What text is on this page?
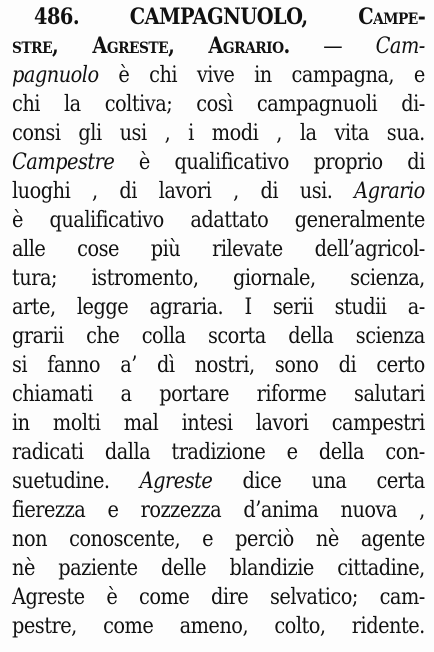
486. CAMPAGNUOLO, Campe-
stre, Agreste, Agrario. — Cam-
pagnuolo è chi vive in campagna, e
chi la coltiva; così campagnuoli di-
consi gli usi , i modi , la vita sua.
Campestre è qualificativo proprio di
luoghi , di lavori , di usi. Agrario
è qualificativo adattato generalmente
alle cose più rilevate dell’agricol-
tura; istromento, giornale, scienza,
arte, legge agraria. I serii studii a-
grarii che colla scorta della scienza
si fanno a’ dì nostri, sono di certo
chiamati a portare riforme salutari
in molti mal intesi lavori campestri
radicati dalla tradizione e della con-
suetudine. Agreste dice una certa
fierezza e rozzezza d’anima nuova ,
non conoscente, e perciò nè agente
nè paziente delle blandizie cittadine,
Agreste è come dire selvatico; cam-
pestre, come ameno, colto, ridente.
